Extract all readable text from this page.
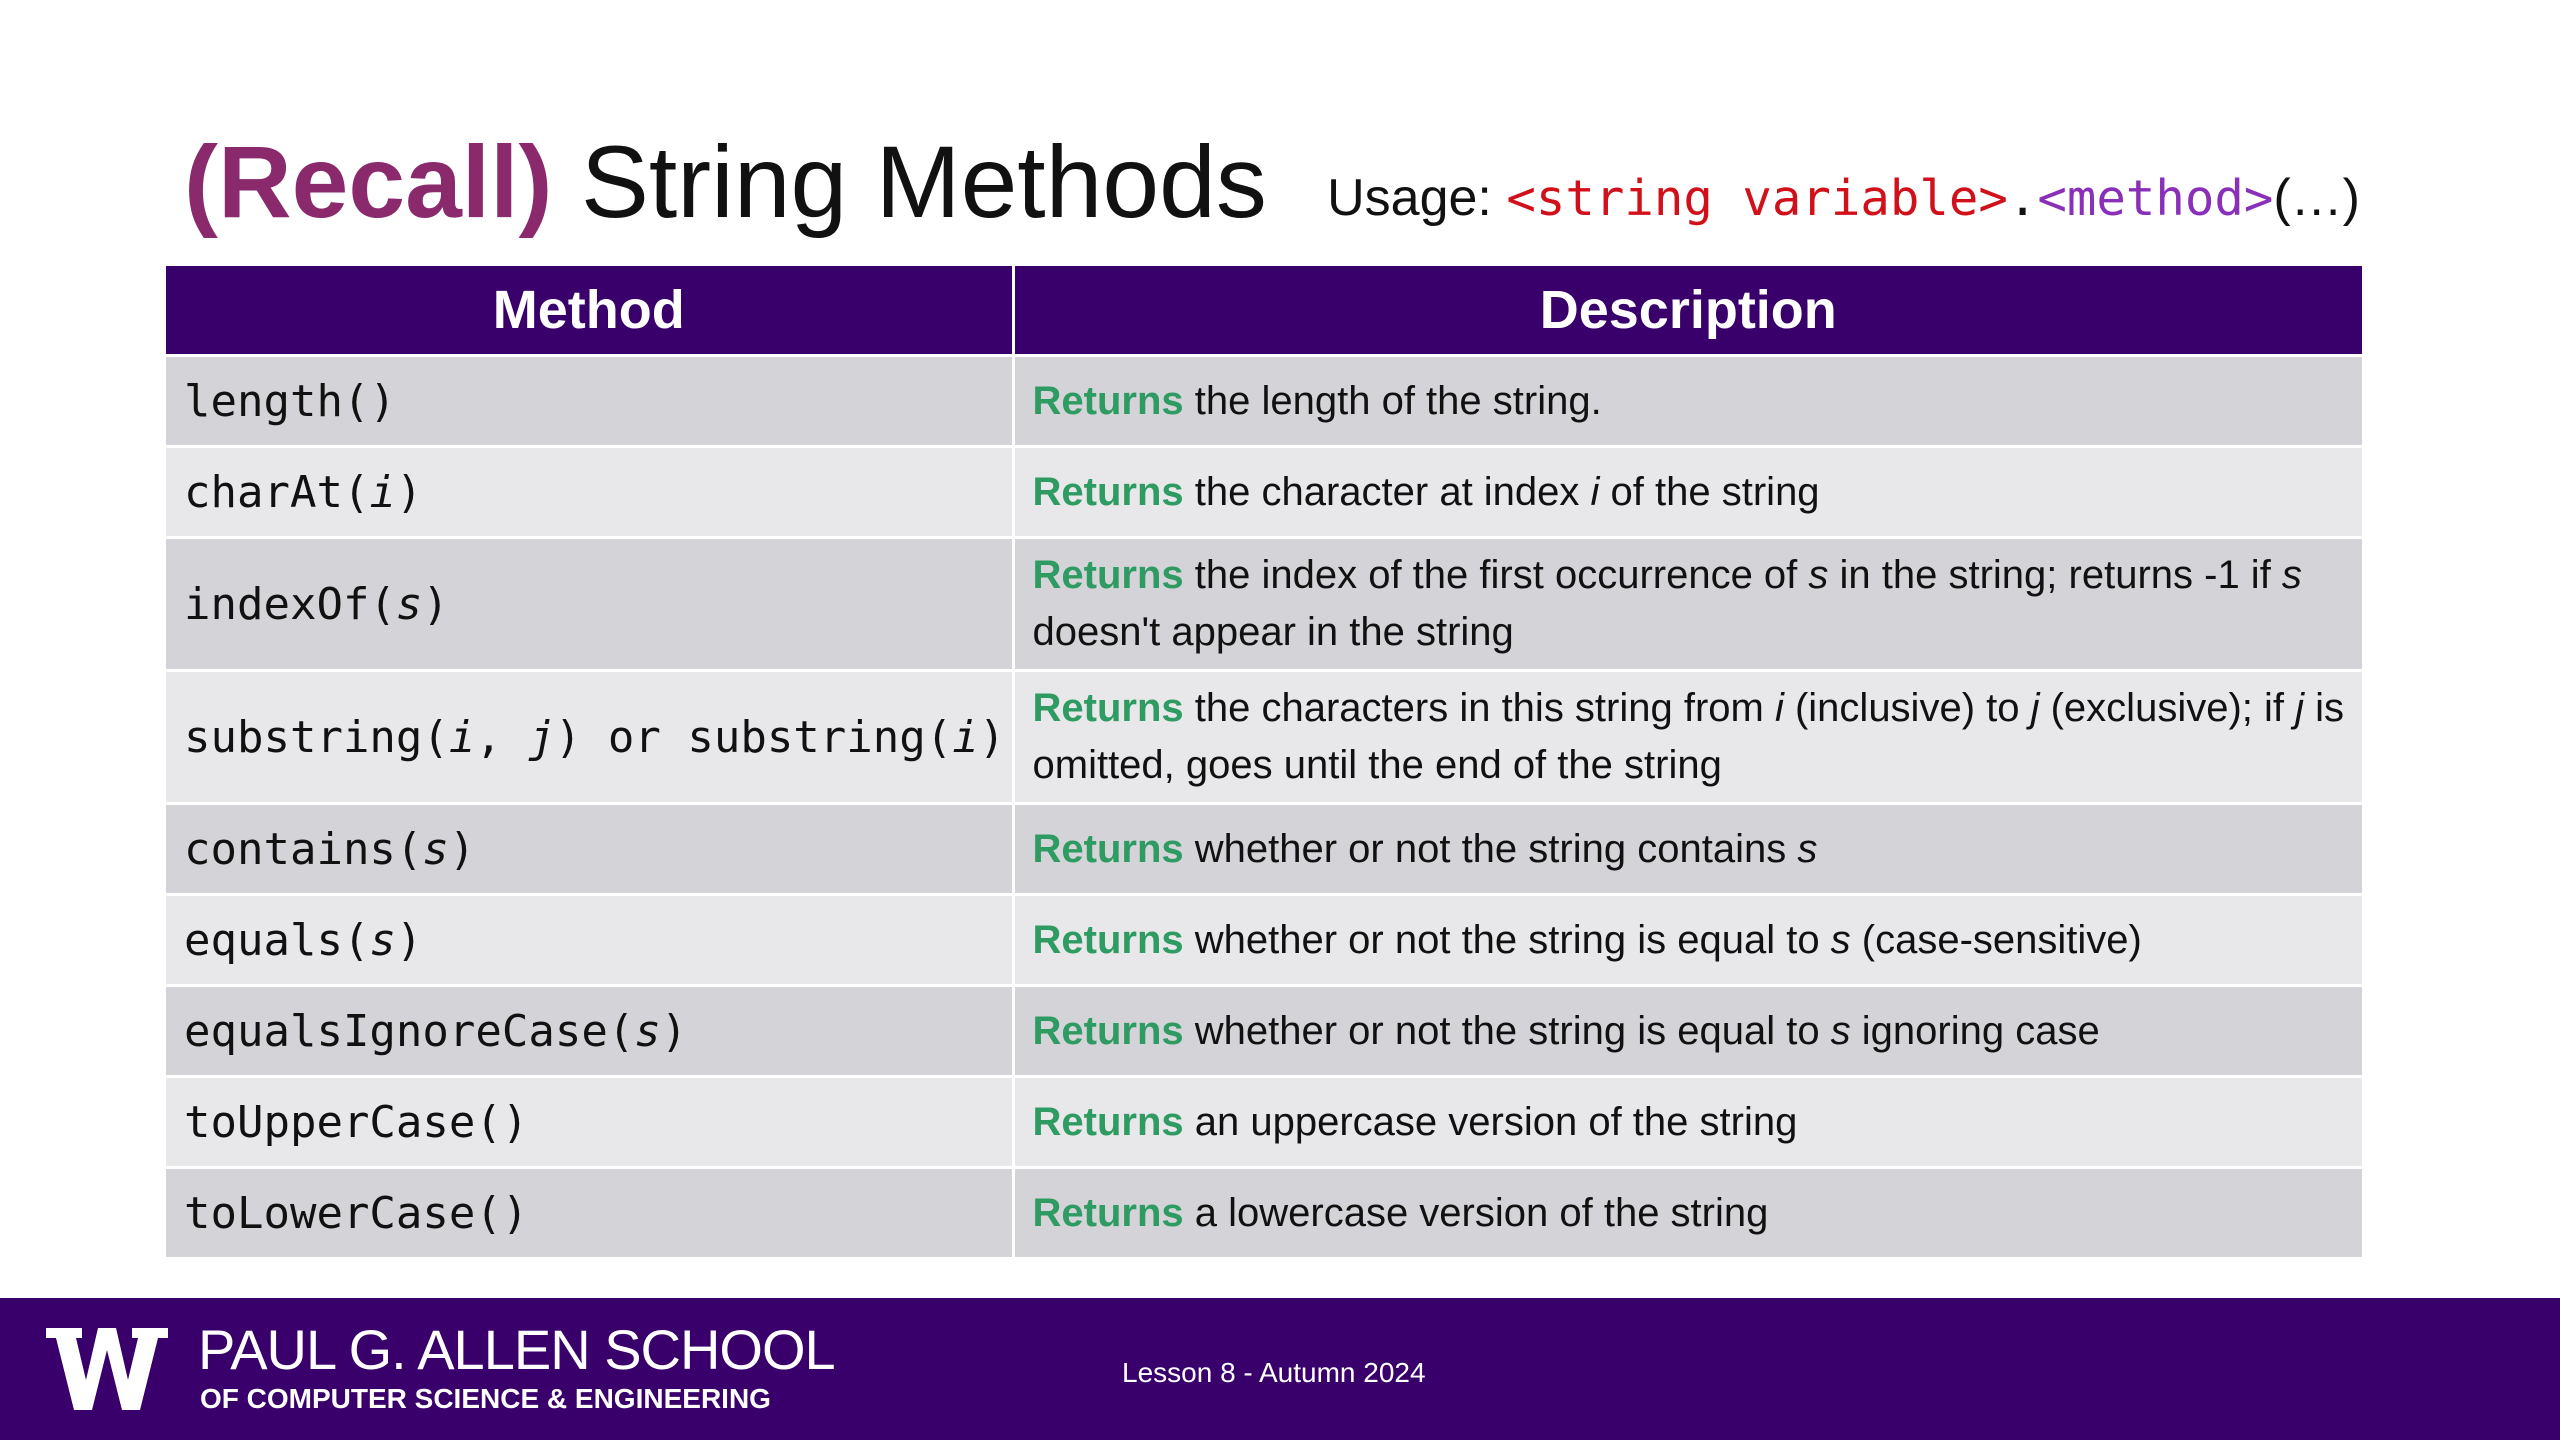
(Recall) String Methods Usage: <string variable>.<method>(…)
Method	Description
length()	Returns the length of the string.
charAt(i)	Returns the character at index i of the string
indexOf(s)	Returns the index of the first occurrence of s in the string; returns -1 if s doesn't appear in the string
substring(i, j) or substring(i)	Returns the characters in this string from i (inclusive) to j (exclusive); if j is omitted, goes until the end of the string
contains(s)	Returns whether or not the string contains s
equals(s)	Returns whether or not the string is equal to s (case-sensitive)
equalsIgnoreCase(s)	Returns whether or not the string is equal to s ignoring case
toUpperCase()	Returns an uppercase version of the string
toLowerCase()	Returns a lowercase version of the string
PAUL G. ALLEN SCHOOL
OF COMPUTER SCIENCE & ENGINEERING
Lesson 8 - Autumn 2024
